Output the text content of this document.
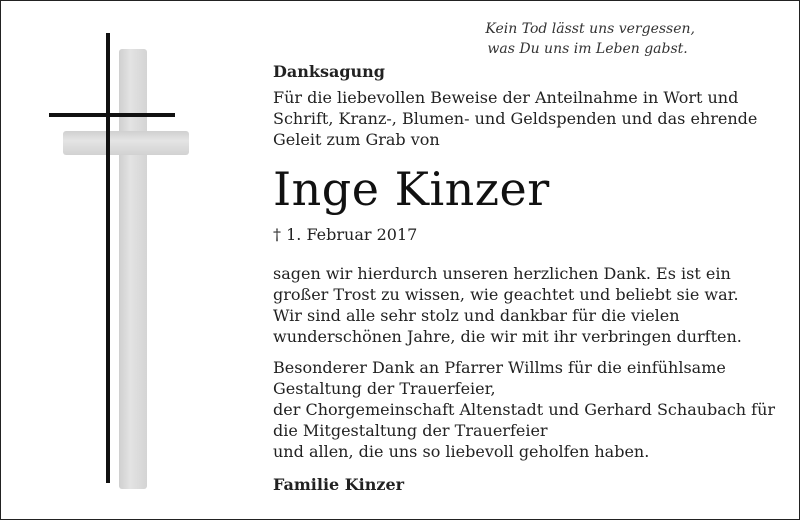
Kein Tod lässt uns vergessen,
was Du uns im Leben gabst.
Danksagung
Für die liebevollen Beweise der Anteilnahme in Wort und
Schrift, Kranz-, Blumen- und Geldspenden und das ehrende
Geleit zum Grab von
Inge Kinzer
† 1. Februar 2017
sagen wir hierdurch unseren herzlichen Dank. Es ist ein
großer Trost zu wissen, wie geachtet und beliebt sie war.
Wir sind alle sehr stolz und dankbar für die vielen
wunderschönen Jahre, die wir mit ihr verbringen durften.
Besonderer Dank an Pfarrer Willms für die einfühlsame
Gestaltung der Trauerfeier,
der Chorgemeinschaft Altenstadt und Gerhard Schaubach für
die Mitgestaltung der Trauerfeier
und allen, die uns so liebevoll geholfen haben.
Familie Kinzer
